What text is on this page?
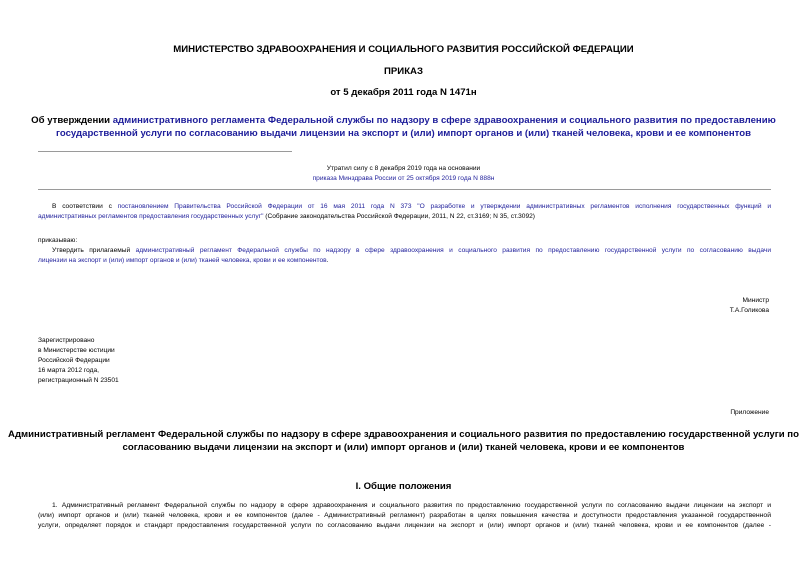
МИНИСТЕРСТВО ЗДРАВООХРАНЕНИЯ И СОЦИАЛЬНОГО РАЗВИТИЯ РОССИЙСКОЙ ФЕДЕРАЦИИ
ПРИКАЗ
от 5 декабря 2011 года N 1471н
Об утверждении административного регламента Федеральной службы по надзору в сфере здравоохранения и социального развития по предоставлению
государственной услуги по согласованию выдачи лицензии на экспорт и (или) импорт органов и (или) тканей человека, крови и ее компонентов
Утратил силу с 8 декабря 2019 года на основании
приказа Минздрава России от 25 октября 2019 года N 888н
В соответствии с постановлением Правительства Российской Федерации от 16 мая 2011 года N 373 "О разработке и утверждении административных регламентов исполнения государственных функций и
административных регламентов предоставления государственных услуг" (Собрание законодательства Российской Федерации, 2011, N 22, ст.3169; N 35, ст.3092)
приказываю:
Утвердить прилагаемый административный регламент Федеральной службы по надзору в сфере здравоохранения и социального развития по предоставлению государственной услуги по согласованию выдачи
лицензии на экспорт и (или) импорт органов и (или) тканей человека, крови и ее компонентов.
Министр
Т.А.Голикова
Зарегистрировано
в Министерстве юстиции
Российской Федерации
16 марта 2012 года,
регистрационный N 23501
Приложение
Административный регламент Федеральной службы по надзору в сфере здравоохранения и социального развития по предоставлению государственной услуги по
согласованию выдачи лицензии на экспорт и (или) импорт органов и (или) тканей человека, крови и ее компонентов
I. Общие положения
1. Административный регламент Федеральной службы по надзору в сфере здравоохранения и социального развития по предоставлению государственной услуги по согласованию выдачи лицензии на экспорт и
(или) импорт органов и (или) тканей человека, крови и ее компонентов (далее - Административный регламент) разработан в целях повышения качества и доступности предоставления указанной государственной
услуги, определяет порядок и стандарт предоставления государственной услуги по согласованию выдачи лицензии на экспорт и (или) импорт органов и (или) тканей человека, крови и ее компонентов (далее -
